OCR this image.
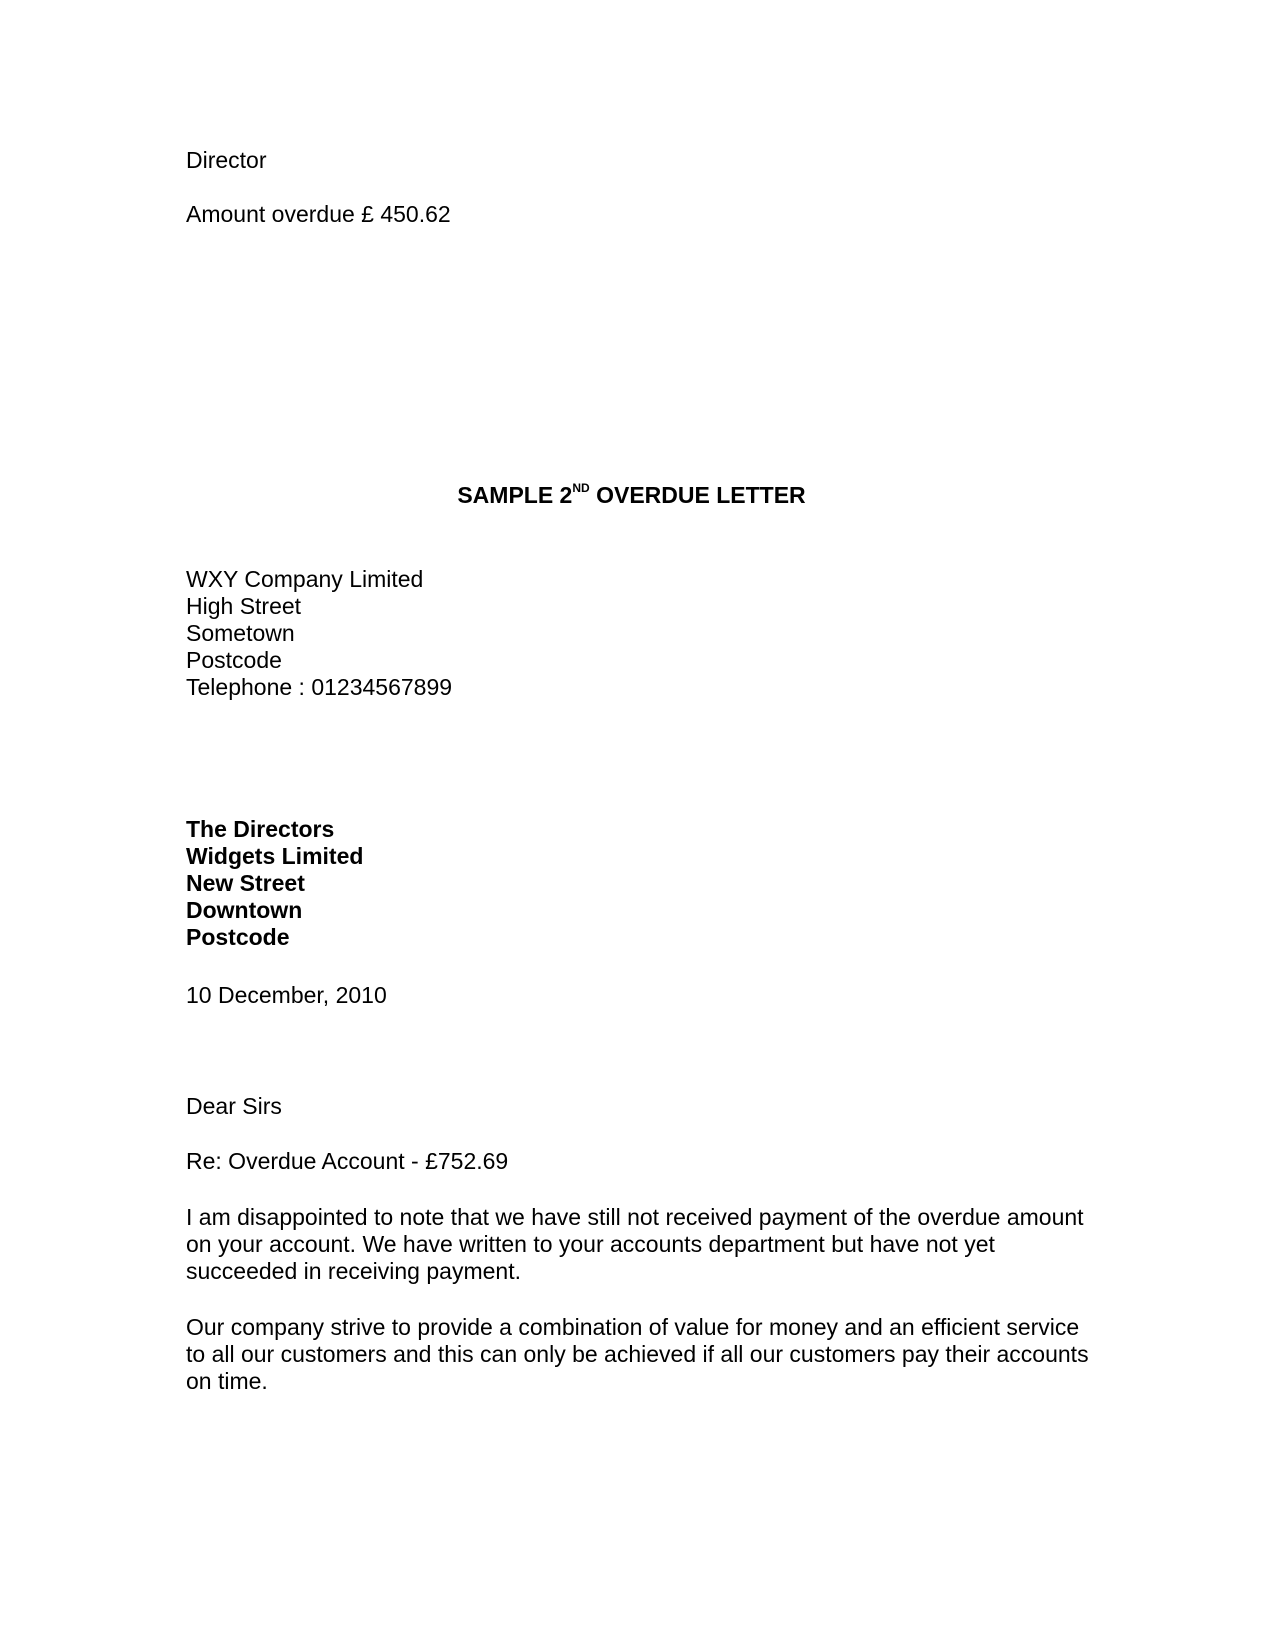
Director
Amount overdue £ 450.62
SAMPLE 2ND OVERDUE LETTER
WXY Company Limited
High Street
Sometown
Postcode
Telephone : 01234567899
The Directors
Widgets Limited
New Street
Downtown
Postcode
10 December, 2010
Dear Sirs
Re: Overdue Account - £752.69
I am disappointed to note that we have still not received payment of the overdue amount
on your account. We have written to your accounts department but have not yet
succeeded in receiving payment.
Our company strive to provide a combination of value for money and an efficient service
to all our customers and this can only be achieved if all our customers pay their accounts
on time.
